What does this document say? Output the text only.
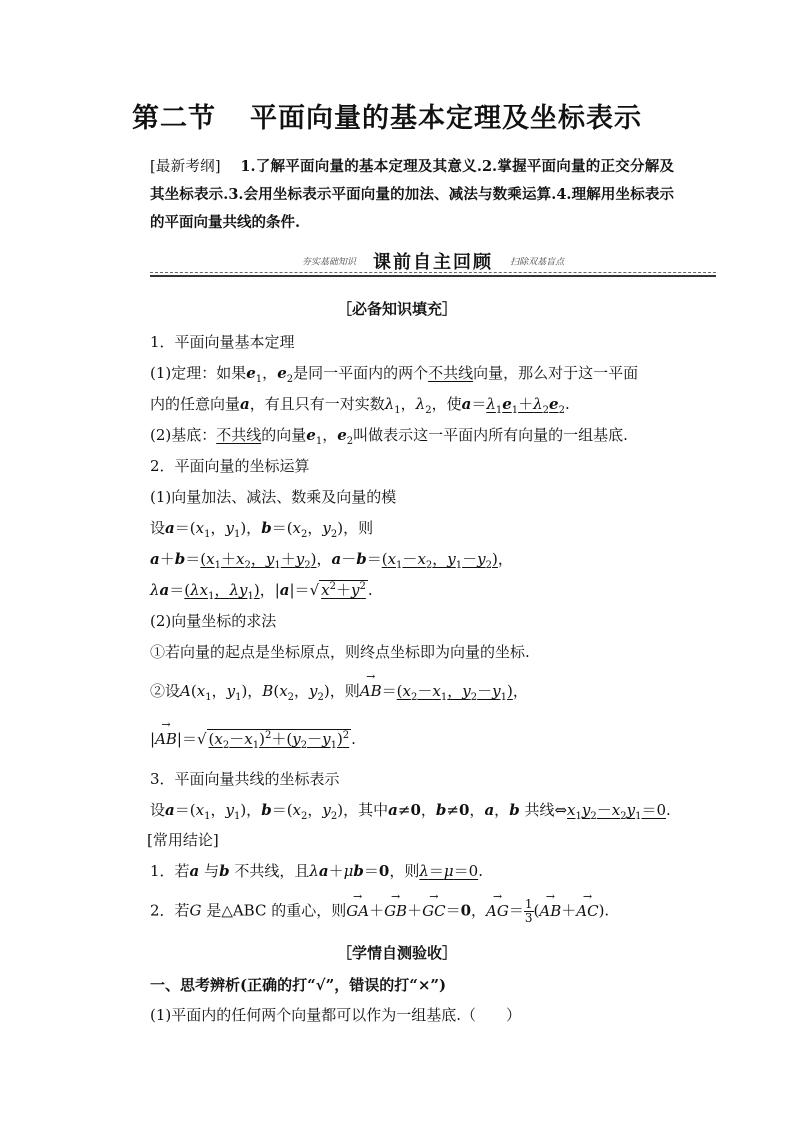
第二节 平面向量的基本定理及坐标表示
[最新考纲]　 1.了解平面向量的基本定理及其意义.2.掌握平面向量的正交分解及其坐标表示.3.会用坐标表示平面向量的加法、减法与数乘运算.4.理解用坐标表示的平面向量共线的条件.
夯实基础知识 课前自主回顾 扫除双基盲点
［必备知识填充］
1．平面向量基本定理
(1)定理：如果$e_1$，$e_2$是同一平面内的两个不共线向量，那么对于这一平面
内的任意向量a，有且只有一对实数$\lambda_1$，$\lambda_2$，使$a=\lambda_1e_1+\lambda_2e_2$.
(2)基底：不共线的向量$e_1$，$e_2$叫做表示这一平面内所有向量的一组基底.
2．平面向量的坐标运算
(1)向量加法、减法、数乘及向量的模
设$a=(x_1$，$y_1$)，$b=(x_2$，$y_2$)，则
$a+b=(x_1+x_2$，$y_1+y_2$)，$a-b=(x_1-x_2$，$y_1-y_2$)，
$\lambda a=(\lambda x_1$，$\lambda y_1$)，|a|＝√ $x^2+y^2$ .
(2)向量坐标的求法
①若向量的起点是坐标原点，则终点坐标即为向量的坐标.
②设$A(x_1$，$y_1$)，$B(x_2$，$y_2$)，则→ $AB=(x_2-x_1$，$y_2-y_1$)，
|→ AB|＝√ $(x_2-x_1)^2+(y_2-y_1)^2$ .
3．平面向量共线的坐标表示
设$a=(x_1$，$y_1$)，$b=(x_2$，$y_2$)，其中a≠0，b≠0，a，b 共线$\Leftrightarrow x_1y_2-x_2y_1=0$.
[常用结论]
1．若a 与b 不共线，且λa＋μb＝0，则λ＝μ＝0.
2．若G 是△ABC 的重心，则→ GA＋→ GB＋→ GC＝0，→ $AG= \frac{1}{3}$ (→ AB＋→ AC).
［学情自测验收］
一、思考辨析(正确的打“√”，错误的打“×”)
(1)平面内的任何两个向量都可以作为一组基底.（　　）
